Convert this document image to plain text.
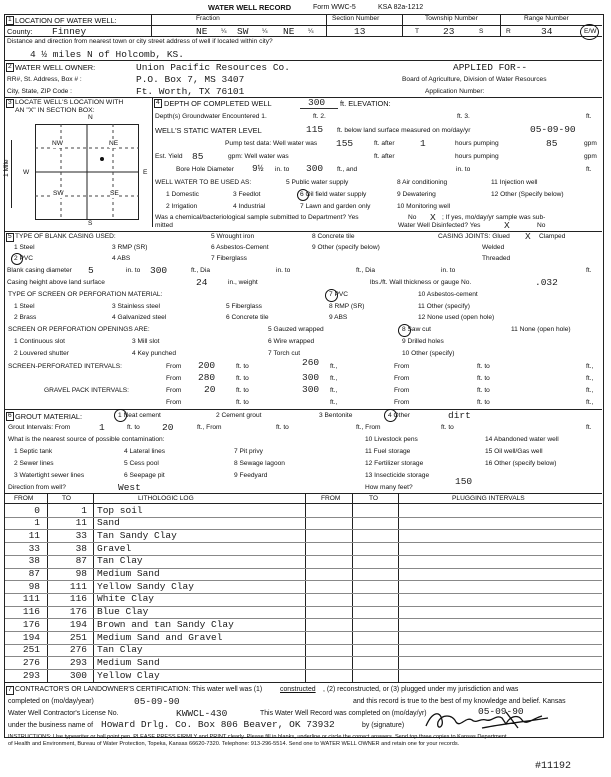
WATER WELL RECORD	Form WWC-5	KSA 82a-1212
1 LOCATION OF WATER WELL:	Fraction	Section Number	Township Number	Range Number
County: Finney	NE ¼ SW ¼ NE ¼	13	T	23	S	R	34	E/W
Distance and direction from nearest town or city street address of well if located within city?
4 ½ miles N of Holcomb, KS.
2 WATER WELL OWNER:	Union Pacific Resources Co.	APPLIED FOR--
RR#, St. Address, Box # :	P.O. Box 7, MS 3407	Board of Agriculture, Division of Water Resources
City, State, ZIP Code :	Ft. Worth, TX 76101	Application Number:
3 LOCATE WELL'S LOCATION WITH
AN "X" IN SECTION BOX:
N
S
W	E
1 Mile
NW	NE
SW	SE
4 DEPTH OF COMPLETED WELL	300 ft. ELEVATION:
Depth(s) Groundwater Encountered 1.	ft. 2.	ft. 3.	ft.
WELL'S STATIC WATER LEVEL	115 ft. below land surface measured on mo/day/yr	05-09-90
Pump test data: Well water was 155	ft. after	1	hours pumping	85	gpm
Est. Yield 85	gpm: Well water was	ft. after	hours pumping	gpm
Bore Hole Diameter 9½ in. to 300 ft., and	in. to	ft.
WELL WATER TO BE USED AS:	5 Public water supply	8 Air conditioning	11 Injection well
1 Domestic	3 Feedlot	6 Oil field water supply	9 Dewatering	12 Other (Specify below)
2 Irrigation	4 Industrial	7 Lawn and garden only	10 Monitoring well
Was a chemical/bacteriological sample submitted to Department? Yes	No X ; If yes, mo/day/yr sample was sub-
mitted	Water Well Disinfected? Yes X	No
5 TYPE OF BLANK CASING USED:
1 Steel
2 PVC
3 RMP (SR)
4 ABS
5 Wrought iron
6 Asbestos-Cement
7 Fiberglass
8 Concrete tile
9 Other (specify below)
CASING JOINTS: Glued X Clamped
Welded
Threaded
Blank casing diameter 5	in. to 300	ft., Dia	in. to	ft., Dia	in. to	ft.
Casing height above land surface	24	in., weight	lbs./ft. Wall thickness or gauge No.	.032
TYPE OF SCREEN OR PERFORATION MATERIAL:
1 Steel
2 Brass
3 Stainless steel
4 Galvanized steel
5 Fiberglass
6 Concrete tile
7 PVC
8 RMP (SR)
9 ABS
10 Asbestos-cement
11 Other (specify)
12 None used (open hole)
SCREEN OR PERFORATION OPENINGS ARE:
1 Continuous slot
2 Louvered shutter
3 Mill slot
4 Key punched
5 Gauzed wrapped
6 Wire wrapped
7 Torch cut
8 Saw cut
9 Drilled holes
10 Other (specify)
11 None (open hole)
SCREEN-PERFORATED INTERVALS:	From 200	ft. to	260 ft.,	From	ft. to	ft.,
From 280	ft. to	300 ft.,	From	ft. to	ft.,
GRAVEL PACK INTERVALS:	From 20	ft. to	300 ft.,	From	ft. to	ft.,
From	ft. to	ft.,	From	ft. to	ft.,
6 GROUT MATERIAL:	1 Neat cement	2 Cement grout	3 Bentonite	4 Other	dirt
Grout Intervals: From	1	ft. to 20	ft., From	ft. to	ft., From	ft. to	ft.
What is the nearest source of possible contamination:
1 Septic tank
2 Sewer lines
3 Watertight sewer lines
4 Lateral lines
5 Cess pool
6 Seepage pit
7 Pit privy
8 Sewage lagoon
9 Feedyard
10 Livestock pens
11 Fuel storage
12 Fertilizer storage
13 Insecticide storage
14 Abandoned water well
15 Oil well/Gas well
16 Other (specify below)
Direction from well?	West	How many feet?
150
FROM	TO	LITHOLOGIC LOG	FROM	TO	PLUGGING INTERVALS
0	1 Top soil
1	11 Sand
11	33 Tan Sandy Clay
33	38 Gravel
38	87 Tan Clay
87	98 Medium Sand
98	111 Yellow Sandy Clay
111	116 White Clay
116	176 Blue Clay
176	194 Brown and tan Sandy Clay
194	251 Medium Sand and Gravel
251	276 Tan Clay
276	293 Medium Sand
293	300 Yellow Clay
7 CONTRACTOR'S OR LANDOWNER'S CERTIFICATION: This water well was (1)	constructed , (2) reconstructed, or (3) plugged under my jurisdiction and was
completed on (mo/day/year)	05-09-90	and this record is true to the best of my knowledge and belief. Kansas
Water Well Contractor's License No.	KWWCL-430	This Water Well Record was completed on (mo/day/yr)	05-09-90
under the business name of Howard Drlg. Co. Box 806 Beaver, OK 73932	by (signature)
INSTRUCTIONS: Use typewriter or ball point pen. PLEASE PRESS FIRMLY and PRINT clearly. Please fill in blanks, underline or circle the correct answers. Send top three copies to Kansas Department
of Health and Environment, Bureau of Water Protection, Topeka, Kansas 66620-7320. Telephone: 913-296-5514. Send one to WATER WELL OWNER and retain one for your records.
#11192
